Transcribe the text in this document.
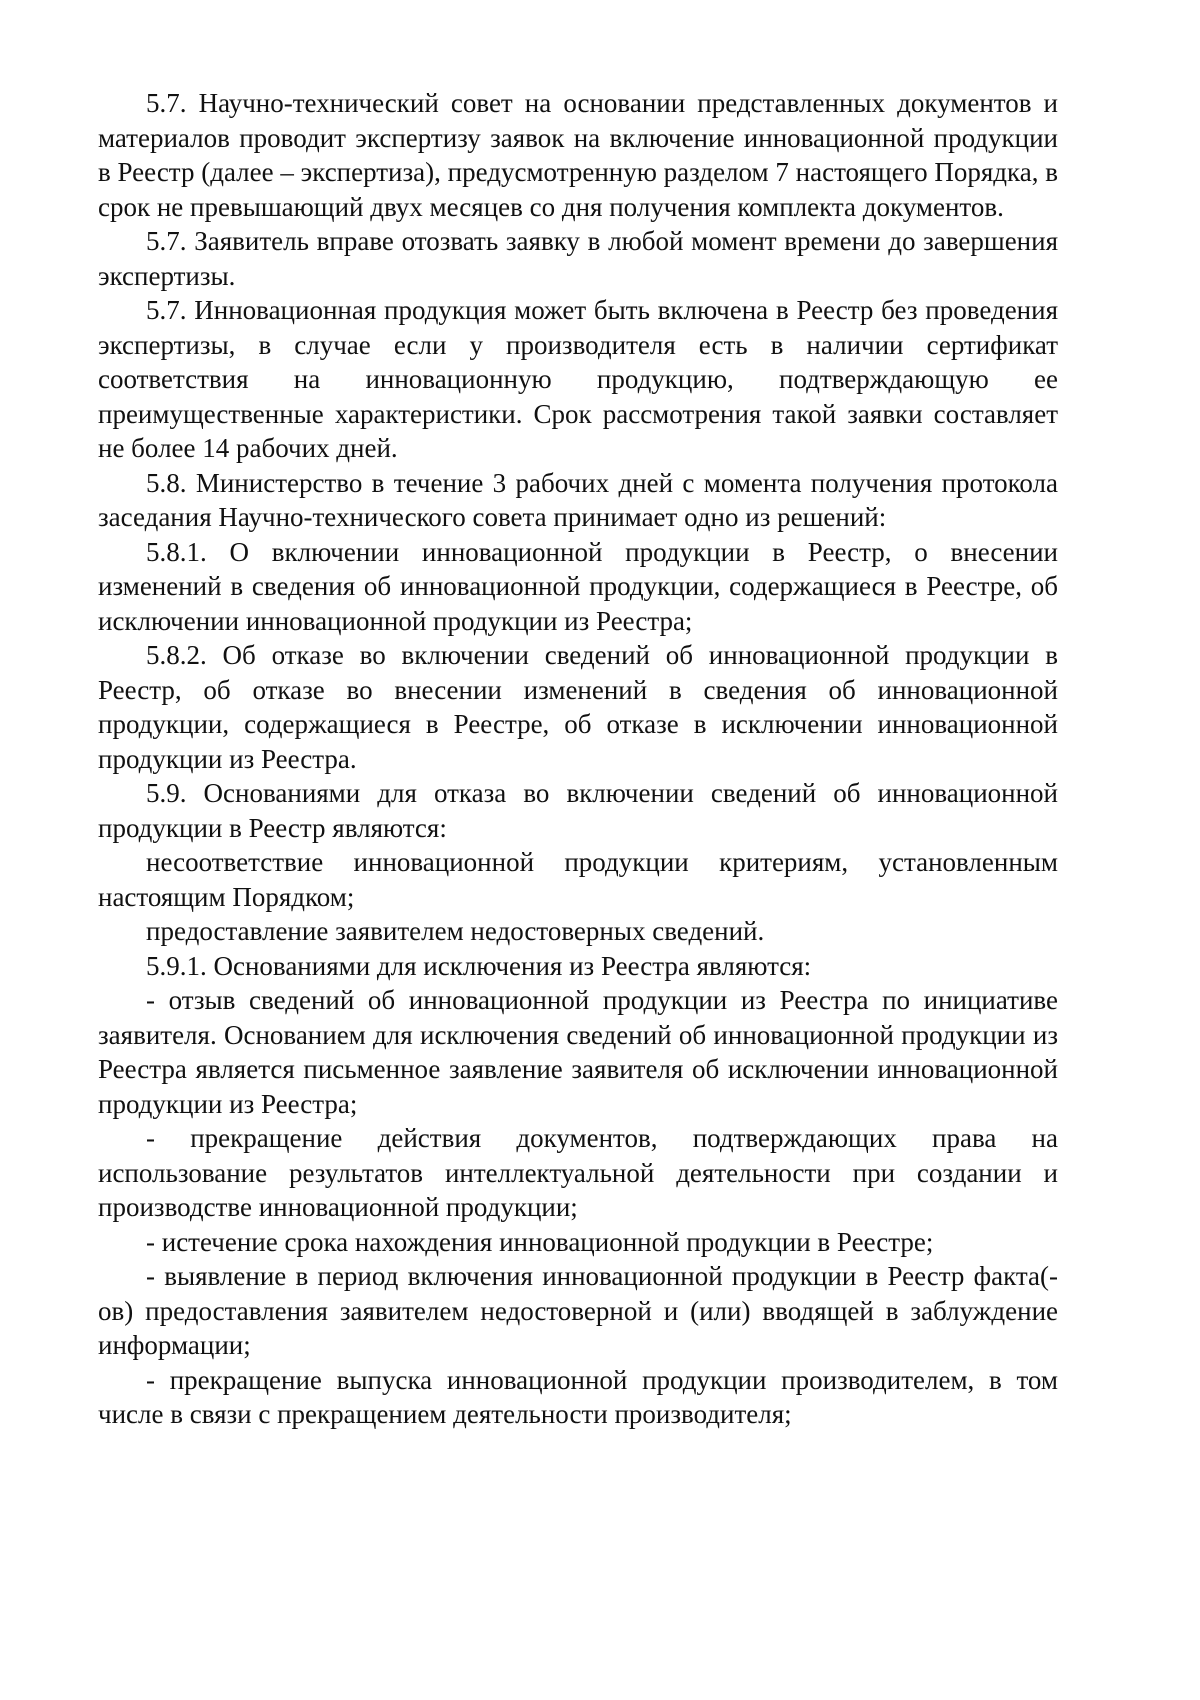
5.7. Научно-технический совет на основании представленных документов и материалов проводит экспертизу заявок на включение инновационной продукции в Реестр (далее – экспертиза), предусмотренную разделом 7 настоящего Порядка, в срок не превышающий двух месяцев со дня получения комплекта документов.

5.7. Заявитель вправе отозвать заявку в любой момент времени до завершения экспертизы.

5.7. Инновационная продукция может быть включена в Реестр без проведения экспертизы, в случае если у производителя есть в наличии сертификат соответствия на инновационную продукцию, подтверждающую ее преимущественные характеристики. Срок рассмотрения такой заявки составляет не более 14 рабочих дней.

5.8. Министерство в течение 3 рабочих дней с момента получения протокола заседания Научно-технического совета принимает одно из решений:

5.8.1. О включении инновационной продукции в Реестр, о внесении изменений в сведения об инновационной продукции, содержащиеся в Реестре, об исключении инновационной продукции из Реестра;

5.8.2. Об отказе во включении сведений об инновационной продукции в Реестр, об отказе во внесении изменений в сведения об инновационной продукции, содержащиеся в Реестре, об отказе в исключении инновационной продукции из Реестра.

5.9. Основаниями для отказа во включении сведений об инновационной продукции в Реестр являются:

несоответствие инновационной продукции критериям, установленным настоящим Порядком;

предоставление заявителем недостоверных сведений.

5.9.1. Основаниями для исключения из Реестра являются:

- отзыв сведений об инновационной продукции из Реестра по инициативе заявителя. Основанием для исключения сведений об инновационной продукции из Реестра является письменное заявление заявителя об исключении инновационной продукции из Реестра;

- прекращение действия документов, подтверждающих права на использование результатов интеллектуальной деятельности при создании и производстве инновационной продукции;

- истечение срока нахождения инновационной продукции в Реестре;

- выявление в период включения инновационной продукции в Реестр факта(-ов) предоставления заявителем недостоверной и (или) вводящей в заблуждение информации;

- прекращение выпуска инновационной продукции производителем, в том числе в связи с прекращением деятельности производителя;
